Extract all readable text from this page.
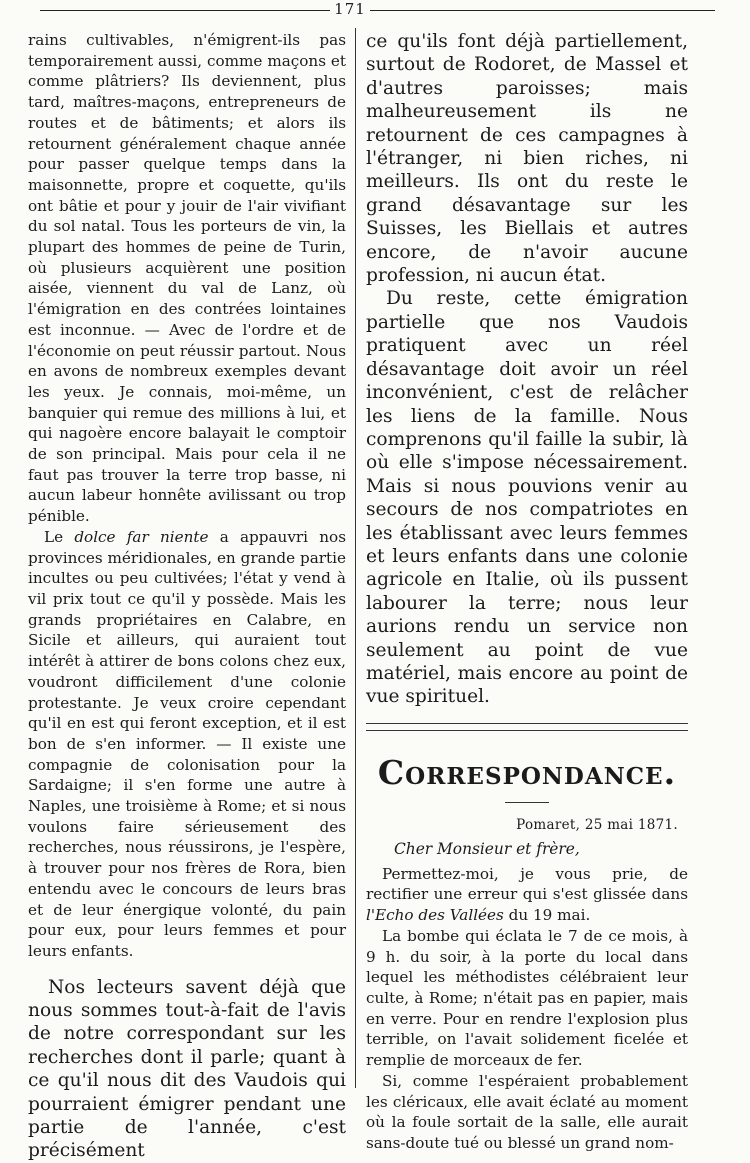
171

rains cultivables, n'émigrent-ils pas temporairement aussi, comme maçons et comme plâtriers? Ils deviennent, plus tard, maîtres-maçons, entrepreneurs de routes et de bâtiments; et alors ils retournent généralement chaque année pour passer quelque temps dans la maisonnette, propre et coquette, qu'ils ont bâtie et pour y jouir de l'air vivifiant du sol natal. Tous les porteurs de vin, la plupart des hommes de peine de Turin, où plusieurs acquièrent une position aisée, viennent du val de Lanz, où l'émigration en des contrées lointaines est inconnue. — Avec de l'ordre et de l'économie on peut réussir partout. Nous en avons de nombreux exemples devant les yeux. Je connais, moi-même, un banquier qui remue des millions à lui, et qui nagoère encore balayait le comptoir de son principal. Mais pour cela il ne faut pas trouver la terre trop basse, ni aucun labeur honnête avilissant ou trop pénible.

Le dolce far niente a appauvri nos provinces méridionales, en grande partie incultes ou peu cultivées; l'état y vend à vil prix tout ce qu'il y possède. Mais les grands propriétaires en Calabre, en Sicile et ailleurs, qui auraient tout intérêt à attirer de bons colons chez eux, voudront difficilement d'une colonie protestante. Je veux croire cependant qu'il en est qui feront exception, et il est bon de s'en informer. — Il existe une compagnie de colonisation pour la Sardaigne; il s'en forme une autre à Naples, une troisième à Rome; et si nous voulons faire sérieusement des recherches, nous réussirons, je l'espère, à trouver pour nos frères de Rora, bien entendu avec le concours de leurs bras et de leur énergique volonté, du pain pour eux, pour leurs femmes et pour leurs enfants.

Nos lecteurs savent déjà que nous sommes tout-à-fait de l'avis de notre correspondant sur les recherches dont il parle; quant à ce qu'il nous dit des Vaudois qui pourraient émigrer pendant une partie de l'année, c'est précisément

ce qu'ils font déjà partiellement, surtout de Rodoret, de Massel et d'autres paroisses; mais malheureusement ils ne retournent de ces campagnes à l'étranger, ni bien riches, ni meilleurs. Ils ont du reste le grand désavantage sur les Suisses, les Biellais et autres encore, de n'avoir aucune profession, ni aucun état.

Du reste, cette émigration partielle que nos Vaudois pratiquent avec un réel désavantage doit avoir un réel inconvénient, c'est de relâcher les liens de la famille. Nous comprenons qu'il faille la subir, là où elle s'impose nécessairement. Mais si nous pouvions venir au secours de nos compatriotes en les établissant avec leurs femmes et leurs enfants dans une colonie agricole en Italie, où ils pussent labourer la terre; nous leur aurions rendu un service non seulement au point de vue matériel, mais encore au point de vue spirituel.

Correspondance.
Pomaret, 25 mai 1871.
Cher Monsieur et frère,

Permettez-moi, je vous prie, de rectifier une erreur qui s'est glissée dans l'Echo des Vallées du 19 mai.

La bombe qui éclata le 7 de ce mois, à 9 h. du soir, à la porte du local dans lequel les méthodistes célébraient leur culte, à Rome; n'était pas en papier, mais en verre. Pour en rendre l'explosion plus terrible, on l'avait solidement ficelée et remplie de morceaux de fer.

Si, comme l'espéraient probablement les cléricaux, elle avait éclaté au moment où la foule sortait de la salle, elle aurait sans-doute tué ou blessé un grand nom-
